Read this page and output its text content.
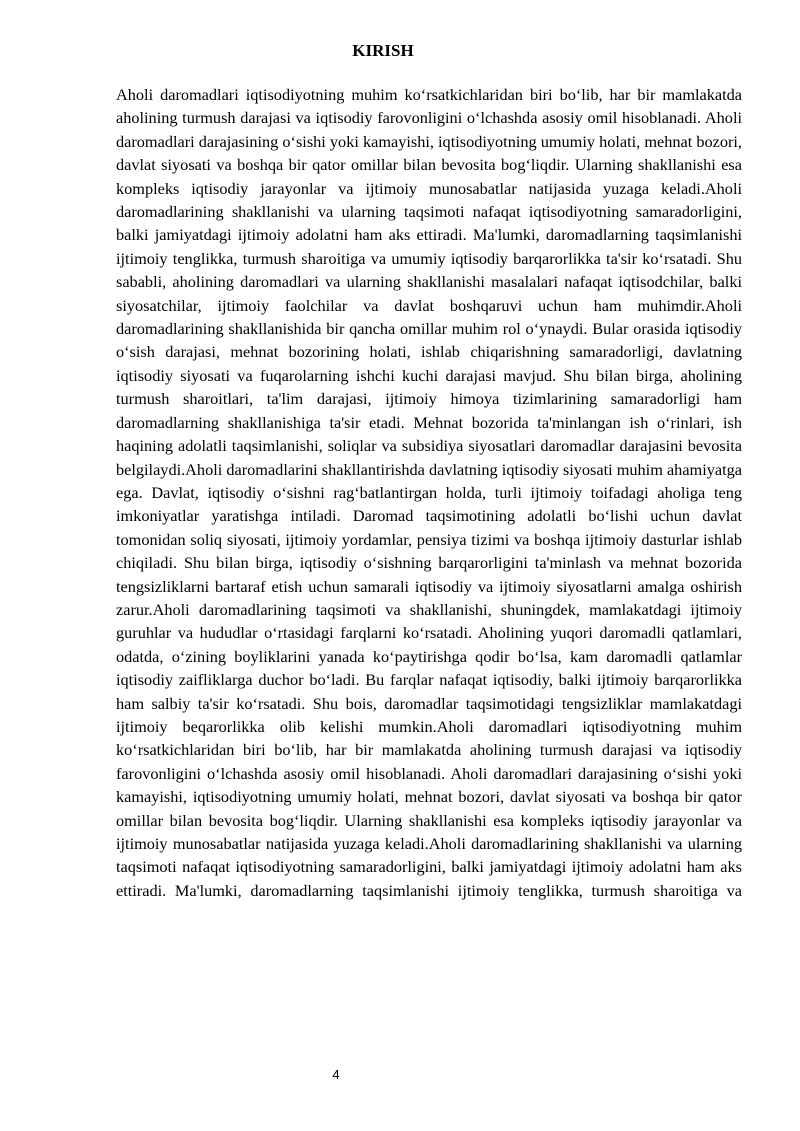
KIRISH

Aholi daromadlari iqtisodiyotning muhim ko‘rsatkichlaridan biri bo‘lib, har bir mamlakatda aholining turmush darajasi va iqtisodiy farovonligini o‘lchashda asosiy omil hisoblanadi. Aholi daromadlari darajasining o‘sishi yoki kamayishi, iqtisodiyotning umumiy holati, mehnat bozori, davlat siyosati va boshqa bir qator omillar bilan bevosita bog‘liqdir. Ularning shakllanishi esa kompleks iqtisodiy jarayonlar va ijtimoiy munosabatlar natijasida yuzaga keladi.Aholi daromadlarining shakllanishi va ularning taqsimoti nafaqat iqtisodiyotning samaradorligini, balki jamiyatdagi ijtimoiy adolatni ham aks ettiradi. Ma'lumki, daromadlarning taqsimlanishi ijtimoiy tenglikka, turmush sharoitiga va umumiy iqtisodiy barqarorlikka ta'sir ko‘rsatadi. Shu sababli, aholining daromadlari va ularning shakllanishi masalalari nafaqat iqtisodchilar, balki siyosatchilar, ijtimoiy faolchilar va davlat boshqaruvi uchun ham muhimdir.Aholi daromadlarining shakllanishida bir qancha omillar muhim rol o‘ynaydi. Bular orasida iqtisodiy o‘sish darajasi, mehnat bozorining holati, ishlab chiqarishning samaradorligi, davlatning iqtisodiy siyosati va fuqarolarning ishchi kuchi darajasi mavjud. Shu bilan birga, aholining turmush sharoitlari, ta'lim darajasi, ijtimoiy himoya tizimlarining samaradorligi ham daromadlarning shakllanishiga ta'sir etadi. Mehnat bozorida ta'minlangan ish o‘rinlari, ish haqining adolatli taqsimlanishi, soliqlar va subsidiya siyosatlari daromadlar darajasini bevosita belgilaydi.Aholi daromadlarini shakllantirishda davlatning iqtisodiy siyosati muhim ahamiyatga ega. Davlat, iqtisodiy o‘sishni rag‘batlantirgan holda, turli ijtimoiy toifadagi aholiga teng imkoniyatlar yaratishga intiladi. Daromad taqsimotining adolatli bo‘lishi uchun davlat tomonidan soliq siyosati, ijtimoiy yordamlar, pensiya tizimi va boshqa ijtimoiy dasturlar ishlab chiqiladi. Shu bilan birga, iqtisodiy o‘sishning barqarorligini ta'minlash va mehnat bozorida tengsizliklarni bartaraf etish uchun samarali iqtisodiy va ijtimoiy siyosatlarni amalga oshirish zarur.Aholi daromadlarining taqsimoti va shakllanishi, shuningdek, mamlakatdagi ijtimoiy guruhlar va hududlar o‘rtasidagi farqlarni ko‘rsatadi. Aholining yuqori daromadli qatlamlari, odatda, o‘zining boyliklarini yanada ko‘paytirishga qodir bo‘lsa, kam daromadli qatlamlar iqtisodiy zaifliklarga duchor bo‘ladi. Bu farqlar nafaqat iqtisodiy, balki ijtimoiy barqarorlikka ham salbiy ta'sir ko‘rsatadi. Shu bois, daromadlar taqsimotidagi tengsizliklar mamlakatdagi ijtimoiy beqarorlikka olib kelishi mumkin.Aholi daromadlari iqtisodiyotning muhim ko‘rsatkichlaridan biri bo‘lib, har bir mamlakatda aholining turmush darajasi va iqtisodiy farovonligini o‘lchashda asosiy omil hisoblanadi. Aholi daromadlari darajasining o‘sishi yoki kamayishi, iqtisodiyotning umumiy holati, mehnat bozori, davlat siyosati va boshqa bir qator omillar bilan bevosita bog‘liqdir. Ularning shakllanishi esa kompleks iqtisodiy jarayonlar va ijtimoiy munosabatlar natijasida yuzaga keladi.Aholi daromadlarining shakllanishi va ularning taqsimoti nafaqat iqtisodiyotning samaradorligini, balki jamiyatdagi ijtimoiy adolatni ham aks ettiradi. Ma'lumki, daromadlarning taqsimlanishi ijtimoiy tenglikka, turmush sharoitiga va

4
